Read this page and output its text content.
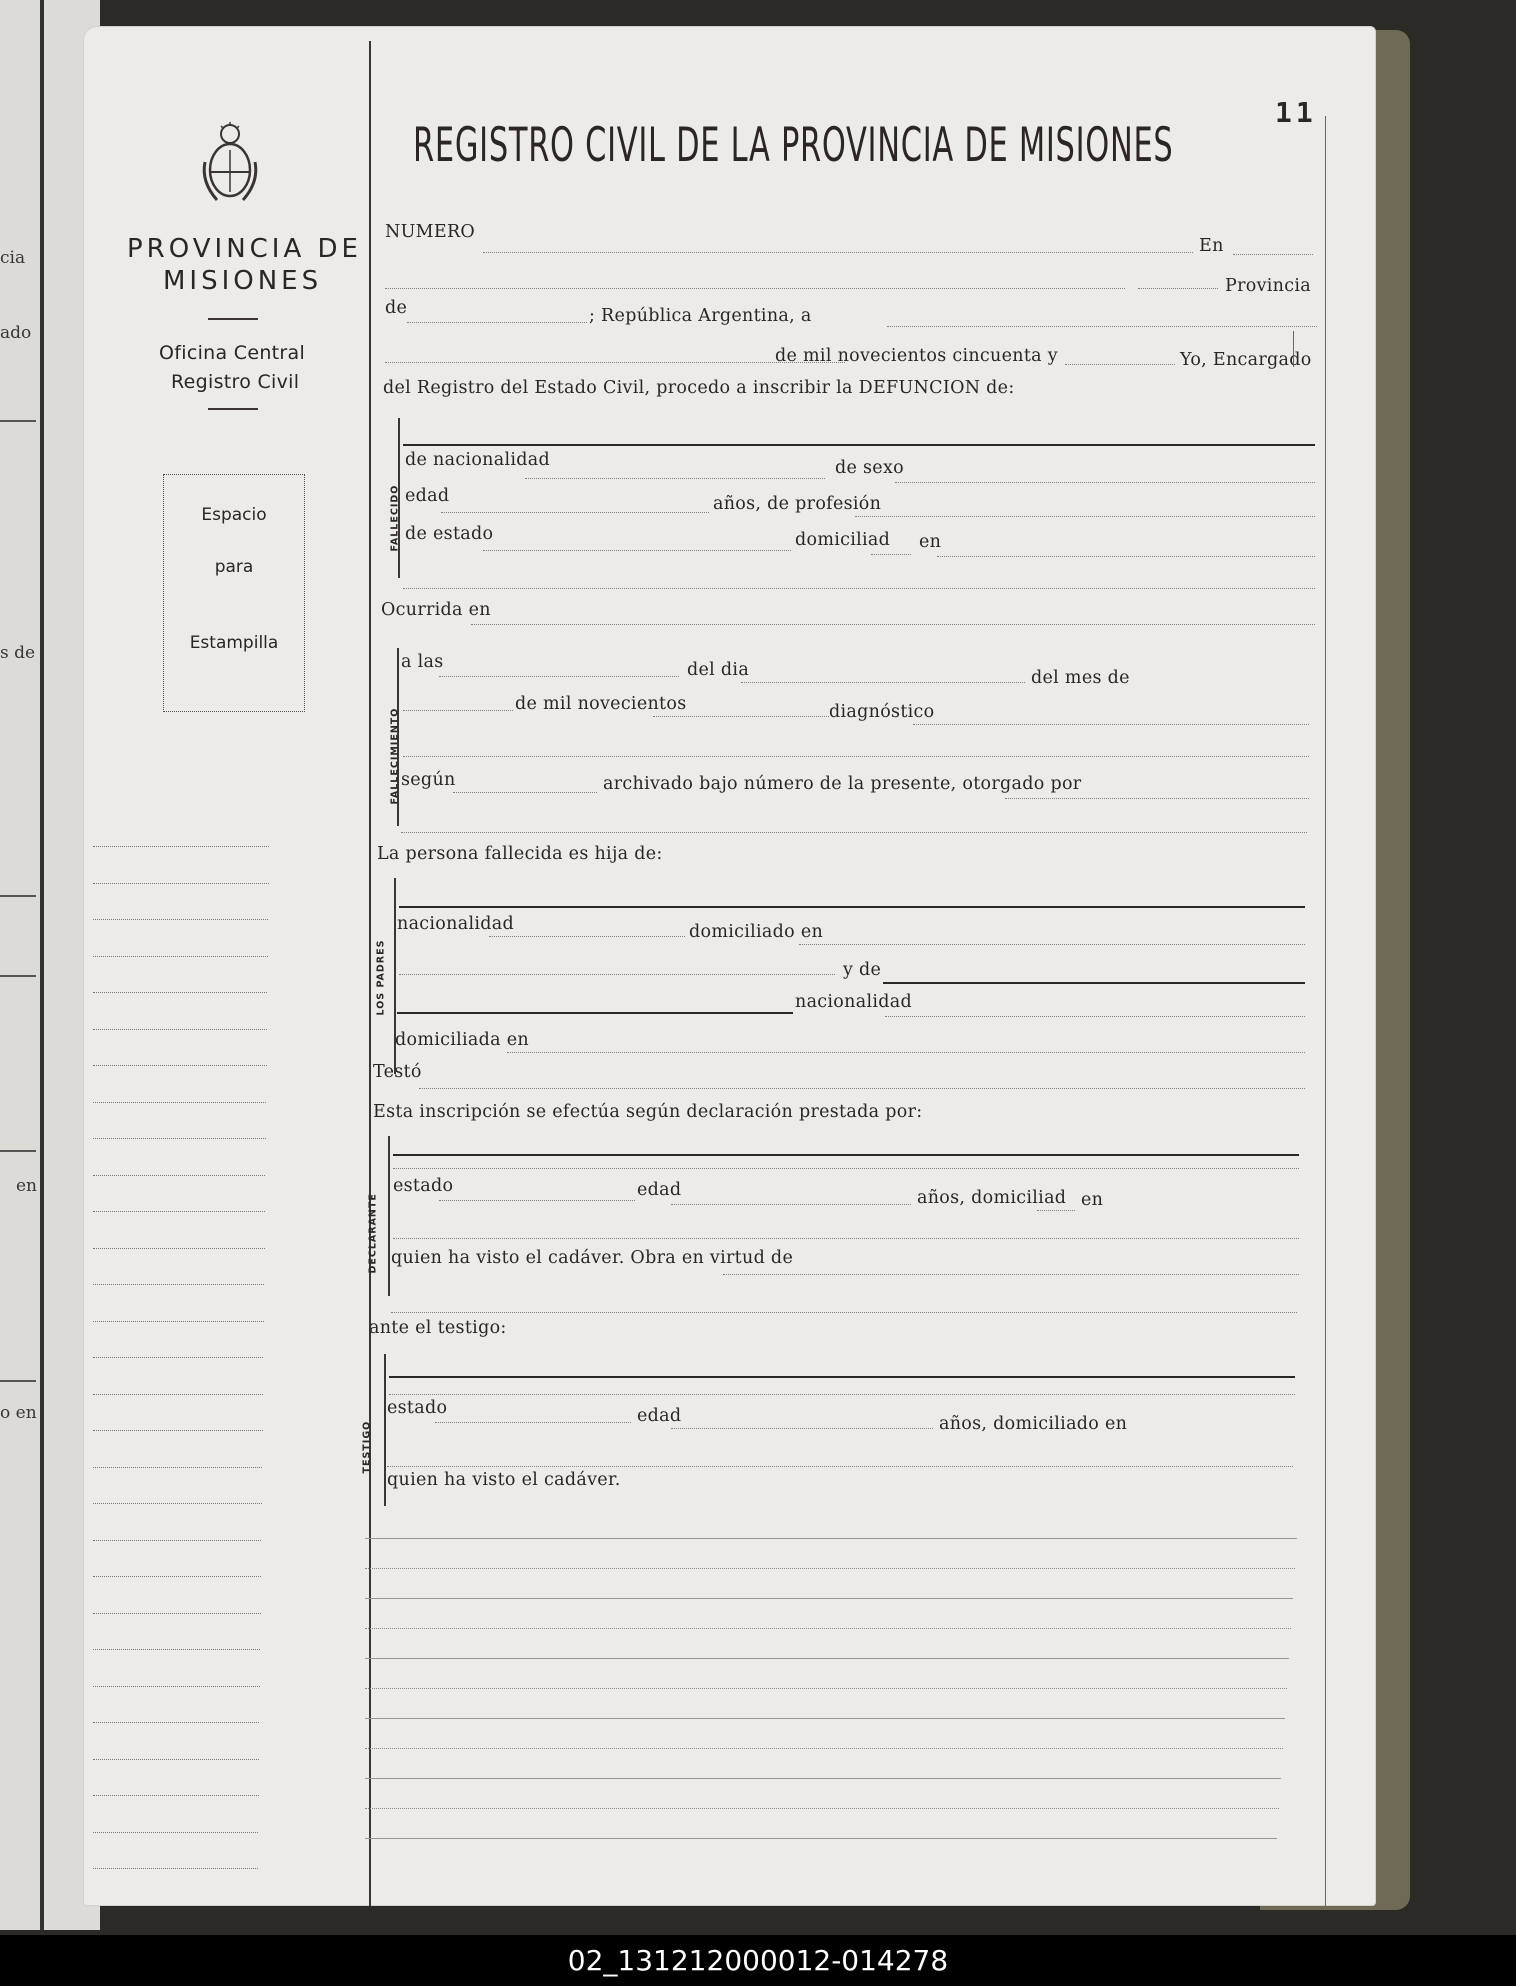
cia
ado
s de
en
o en
PROVINCIA DE
MISIONES
Oficina Central
Registro Civil
Espacio
para
Estampilla
REGISTRO CIVIL DE LA PROVINCIA DE MISIONES
11
NUMERO
En
Provincia
de	; República Argentina, a
de mil novecientos cincuenta y	Yo, Encargado
del Registro del Estado Civil, procedo a inscribir la DEFUNCION de:
FALLECIDO
de nacionalidad	de sexo
edad	años, de profesión
de estado	domiciliad en
Ocurrida en
FALLECIMIENTO
a las	del dia	del mes de
de mil novecientos	diagnóstico
según	archivado bajo número de la presente, otorgado por
La persona fallecida es hija de:
LOS PADRES
nacionalidad	domiciliado en
y de
nacionalidad
domiciliada en
Testó
Esta inscripción se efectúa según declaración prestada por:
DECLARANTE
estado	edad	años, domiciliad en
quien ha visto el cadáver. Obra en virtud de
ante el testigo:
TESTIGO
estado	edad	años, domiciliado en
quien ha visto el cadáver.
02_131212000012-014278
